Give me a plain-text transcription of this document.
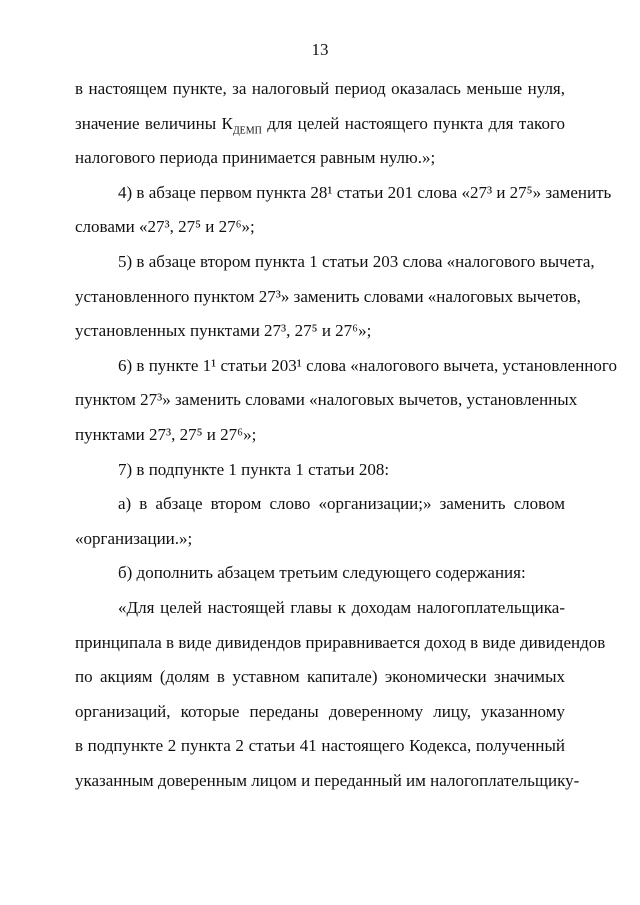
13
в настоящем пункте, за налоговый период оказалась меньше нуля,
значение величины $К_{ДЕМП}$ для целей настоящего пункта для такого
налогового периода принимается равным нулю.»;
4) в абзаце первом пункта 28¹ статьи 201 слова «27³ и 27⁵» заменить
словами «27³, 27⁵ и 27⁶»;
5) в абзаце втором пункта 1 статьи 203 слова «налогового вычета,
установленного пунктом 27³» заменить словами «налоговых вычетов,
установленных пунктами 27³, 27⁵ и 27⁶»;
6) в пункте 1¹ статьи 203¹ слова «налогового вычета, установленного
пунктом 27³» заменить словами «налоговых вычетов, установленных
пунктами 27³, 27⁵ и 27⁶»;
7) в подпункте 1 пункта 1 статьи 208:
а) в абзаце втором слово «организации;» заменить словом
«организации.»;
б) дополнить абзацем третьим следующего содержания:
«Для целей настоящей главы к доходам налогоплательщика-
принципала в виде дивидендов приравнивается доход в виде дивидендов
по акциям (долям в уставном капитале) экономически значимых
организаций, которые переданы доверенному лицу, указанному
в подпункте 2 пункта 2 статьи 41 настоящего Кодекса, полученный
указанным доверенным лицом и переданный им налогоплательщику-
